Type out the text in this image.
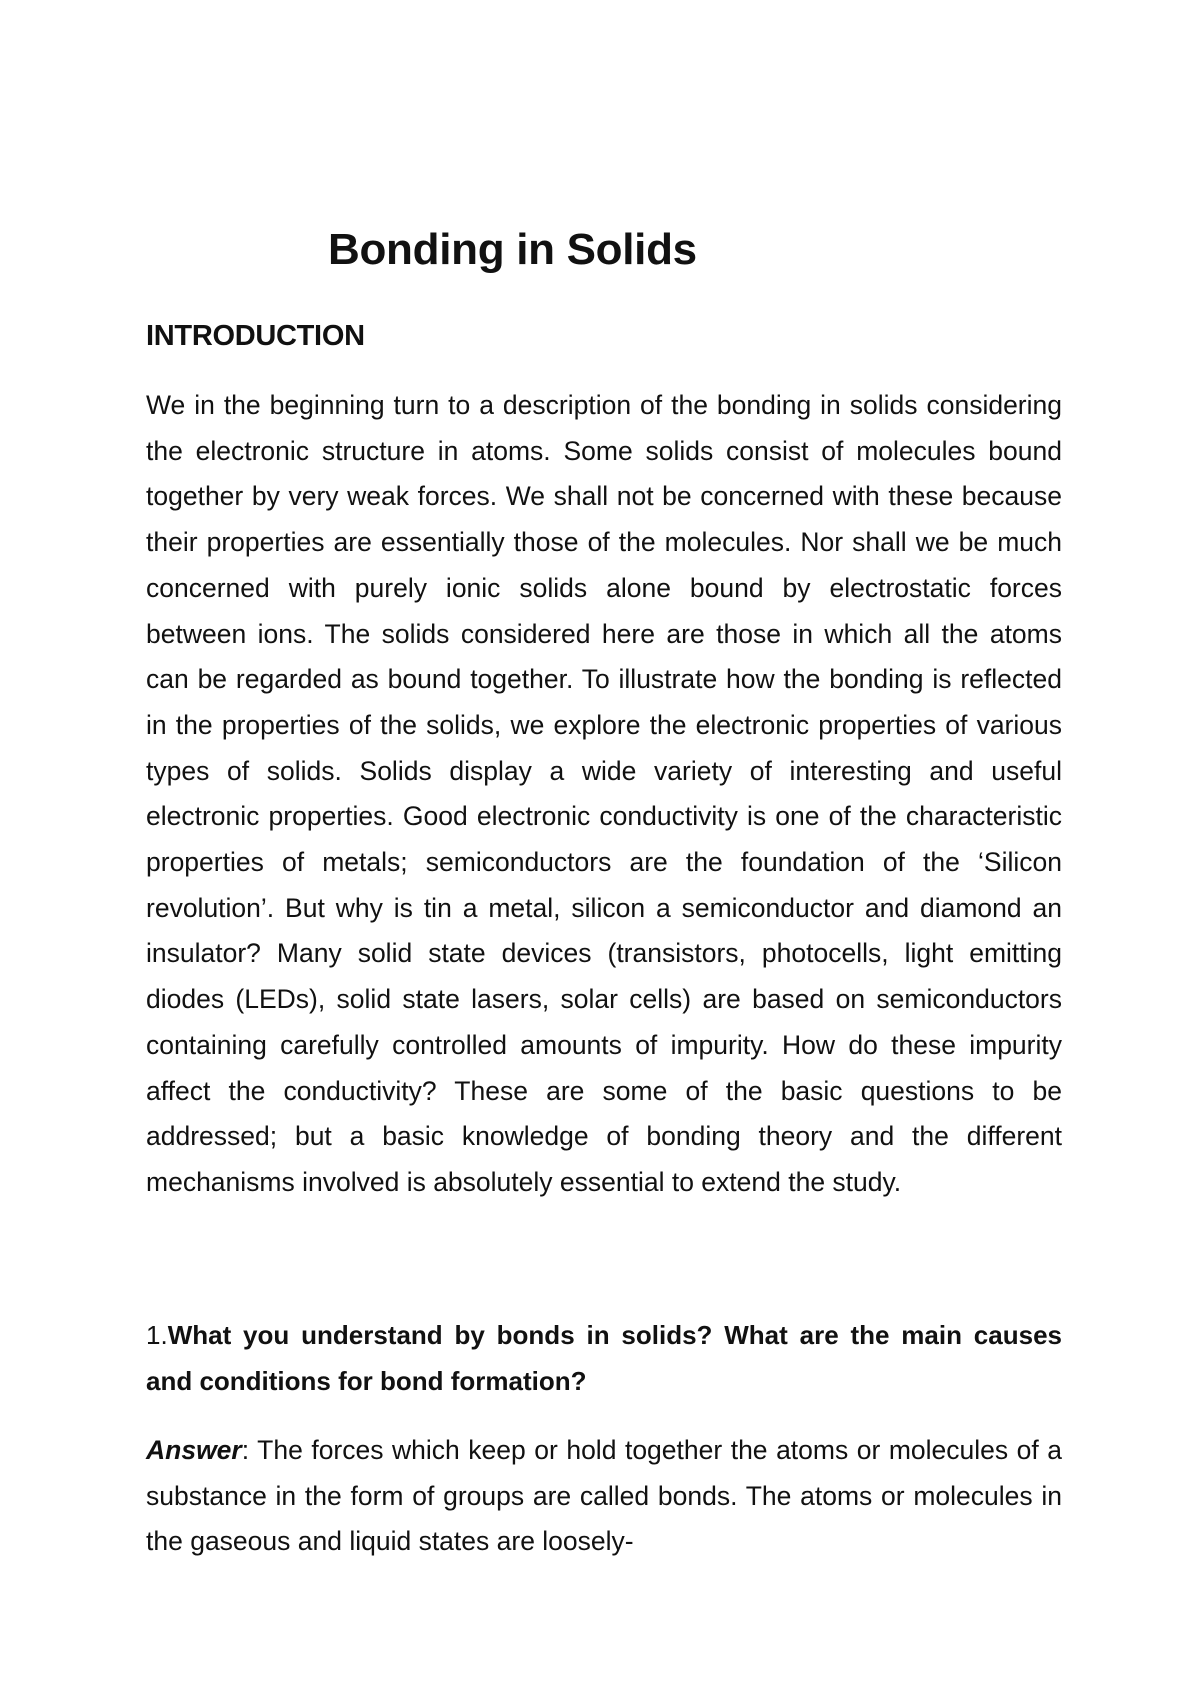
Bonding in Solids
INTRODUCTION

We in the beginning turn to a description of the bonding in solids considering the electronic structure in atoms. Some solids consist of molecules bound together by very weak forces. We shall not be concerned with these because their properties are essentially those of the molecules. Nor shall we be much concerned with purely ionic solids alone bound by electrostatic forces between ions. The solids considered here are those in which all the atoms can be regarded as bound together. To illustrate how the bonding is reflected in the properties of the solids, we explore the electronic properties of various types of solids. Solids display a wide variety of interesting and useful electronic properties. Good electronic conductivity is one of the characteristic properties of metals; semiconductors are the foundation of the ‘Silicon revolution’. But why is tin a metal, silicon a semiconductor and diamond an insulator? Many solid state devices (transistors, photocells, light emitting diodes (LEDs), solid state lasers, solar cells) are based on semiconductors containing carefully controlled amounts of impurity. How do these impurity affect the conductivity? These are some of the basic questions to be addressed; but a basic knowledge of bonding theory and the different mechanisms involved is absolutely essential to extend the study.

1.What you understand by bonds in solids? What are the main causes and conditions for bond formation?

Answer: The forces which keep or hold together the atoms or molecules of a substance in the form of groups are called bonds. The atoms or molecules in the gaseous and liquid states are loosely-
